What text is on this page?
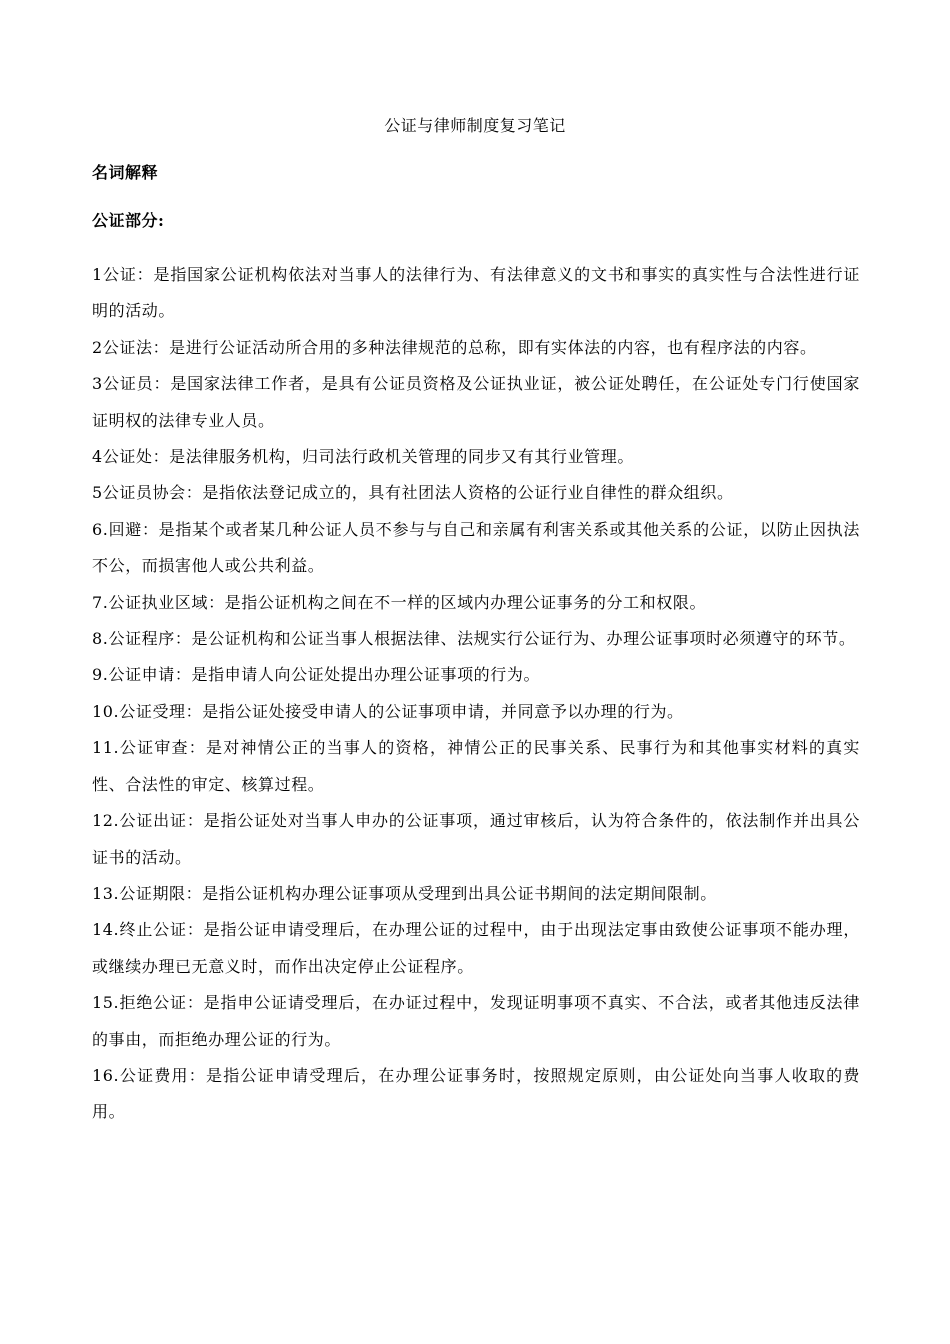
公证与律师制度复习笔记
名词解释
公证部分:
1公证：是指国家公证机构依法对当事人的法律行为、有法律意义的文书和事实的真实性与合法性进行证明的活动。
2公证法：是进行公证活动所合用的多种法律规范的总称，即有实体法的内容，也有程序法的内容。
3公证员：是国家法律工作者，是具有公证员资格及公证执业证，被公证处聘任，在公证处专门行使国家证明权的法律专业人员。
4公证处：是法律服务机构，归司法行政机关管理的同步又有其行业管理。
5公证员协会：是指依法登记成立的，具有社团法人资格的公证行业自律性的群众组织。
6.回避：是指某个或者某几种公证人员不参与与自己和亲属有利害关系或其他关系的公证，以防止因执法不公，而损害他人或公共利益。
7.公证执业区域：是指公证机构之间在不一样的区域内办理公证事务的分工和权限。
8.公证程序：是公证机构和公证当事人根据法律、法规实行公证行为、办理公证事项时必须遵守的环节。
9.公证申请：是指申请人向公证处提出办理公证事项的行为。
10.公证受理：是指公证处接受申请人的公证事项申请，并同意予以办理的行为。
11.公证审查：是对神情公正的当事人的资格，神情公正的民事关系、民事行为和其他事实材料的真实性、合法性的审定、核算过程。
12.公证出证：是指公证处对当事人申办的公证事项，通过审核后，认为符合条件的，依法制作并出具公证书的活动。
13.公证期限：是指公证机构办理公证事项从受理到出具公证书期间的法定期间限制。
14.终止公证：是指公证申请受理后，在办理公证的过程中，由于出现法定事由致使公证事项不能办理，或继续办理已无意义时，而作出决定停止公证程序。
15.拒绝公证：是指申公证请受理后，在办证过程中，发现证明事项不真实、不合法，或者其他违反法律的事由，而拒绝办理公证的行为。
16.公证费用：是指公证申请受理后，在办理公证事务时，按照规定原则，由公证处向当事人收取的费用。
